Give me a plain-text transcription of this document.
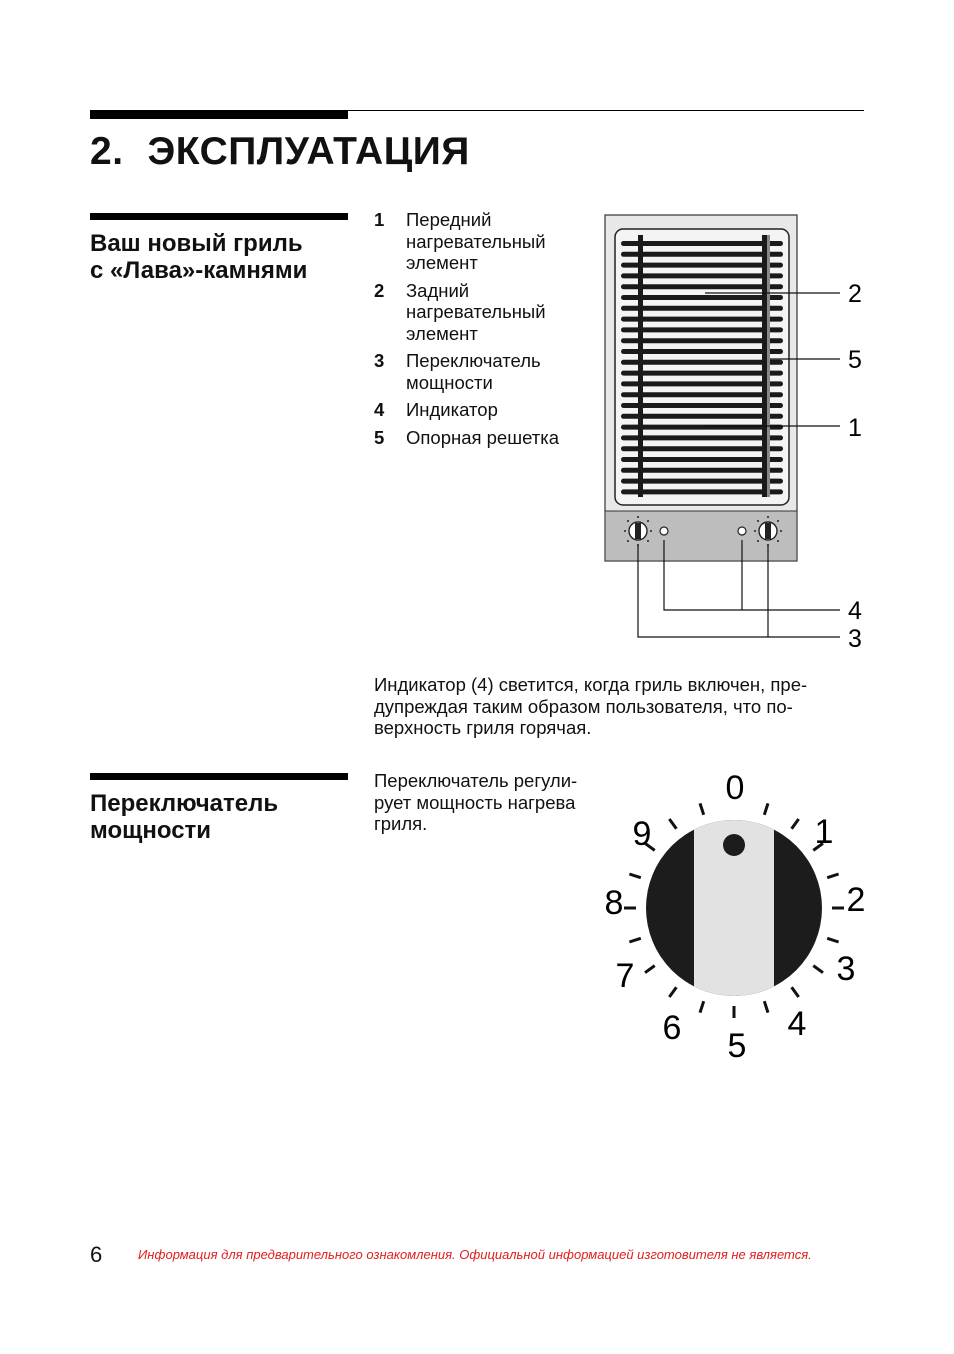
2. ЭКСПЛУАТАЦИЯ
Ваш новый гриль
с «Лава»-камнями
1	Передний нагревательный элемент
2	Задний нагревательный элемент
3	Переключатель мощности
4	Индикатор
5	Опорная решетка
2
5
1
4
3

Индикатор (4) светится, когда гриль включен, пре-
дупреждая таким образом пользователя, что по-
верхность гриля горячая.

Переключатель
мощности

Переключатель регули-
рует мощность нагрева
гриля.

0
1
2
3
4
5
6
7
8
9
6	Информация для предварительного ознакомления. Официальной информацией изготовителя не является.
